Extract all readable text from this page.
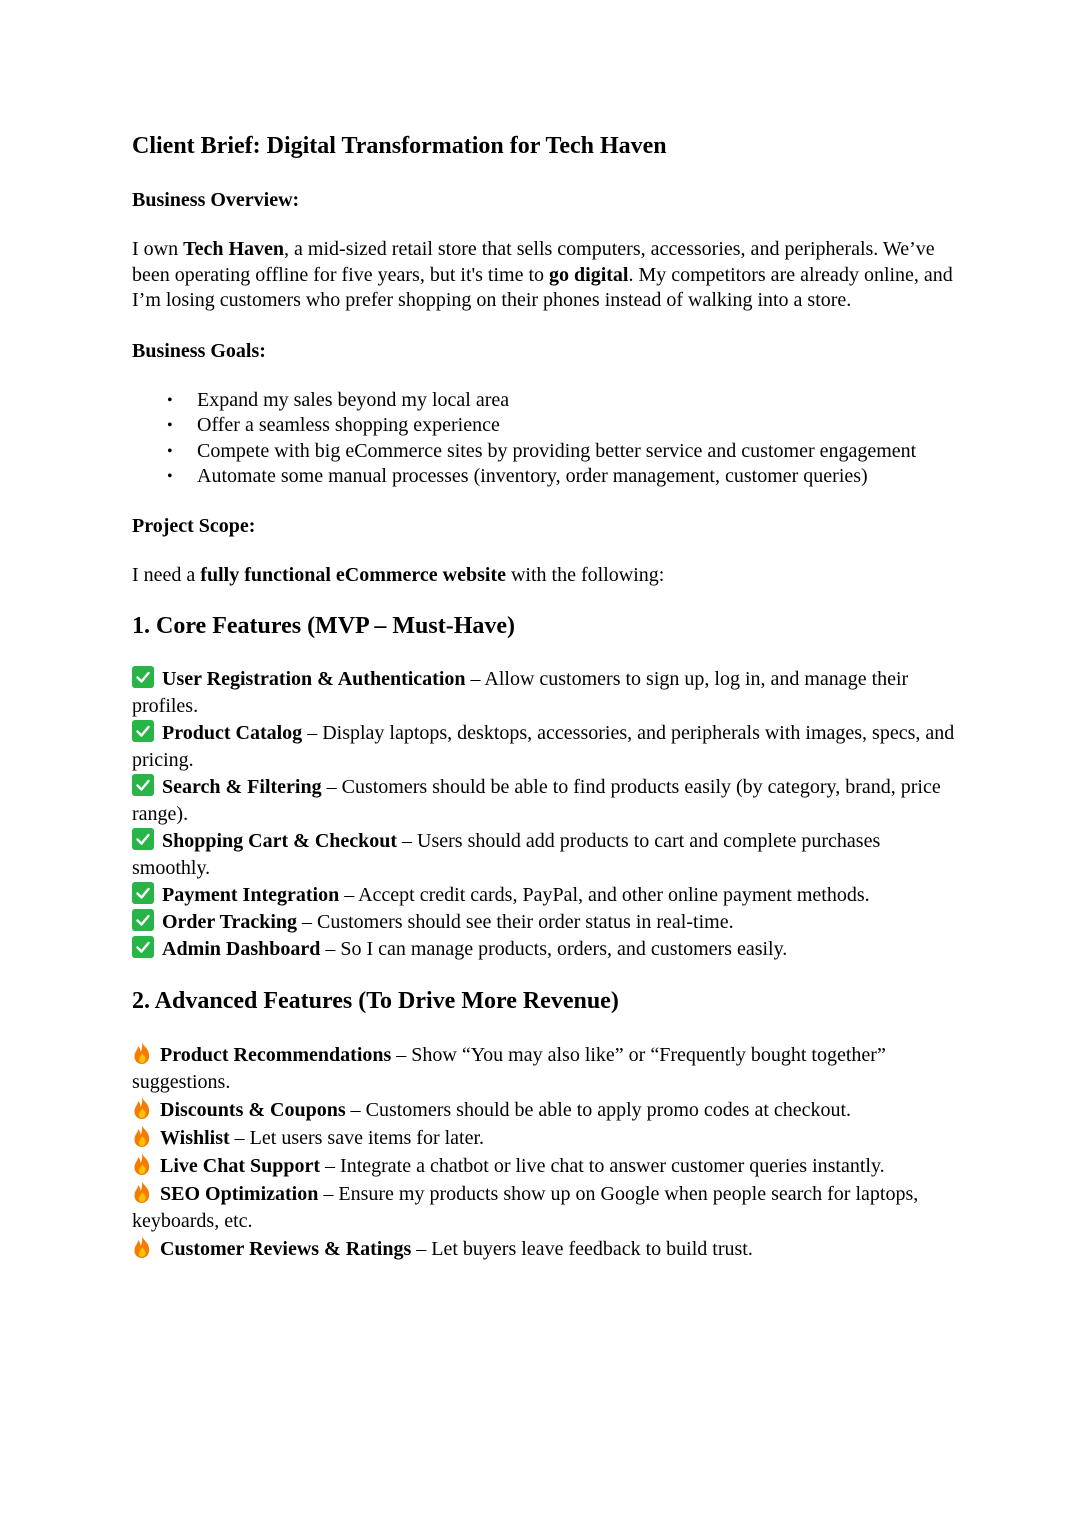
Client Brief: Digital Transformation for Tech Haven

Business Overview:

I own Tech Haven, a mid-sized retail store that sells computers, accessories, and peripherals. We’ve been operating offline for five years, but it's time to go digital. My competitors are already online, and I’m losing customers who prefer shopping on their phones instead of walking into a store.

Business Goals:

• Expand my sales beyond my local area
• Offer a seamless shopping experience
• Compete with big eCommerce sites by providing better service and customer engagement
• Automate some manual processes (inventory, order management, customer queries)

Project Scope:

I need a fully functional eCommerce website with the following:

1. Core Features (MVP – Must-Have)

User Registration & Authentication – Allow customers to sign up, log in, and manage their profiles.

Product Catalog – Display laptops, desktops, accessories, and peripherals with images, specs, and pricing.

Search & Filtering – Customers should be able to find products easily (by category, brand, price range).

Shopping Cart & Checkout – Users should add products to cart and complete purchases smoothly.

Payment Integration – Accept credit cards, PayPal, and other online payment methods.

Order Tracking – Customers should see their order status in real-time.

Admin Dashboard – So I can manage products, orders, and customers easily.

2. Advanced Features (To Drive More Revenue)

Product Recommendations – Show “You may also like” or “Frequently bought together” suggestions.

Discounts & Coupons – Customers should be able to apply promo codes at checkout.

Wishlist – Let users save items for later.

Live Chat Support – Integrate a chatbot or live chat to answer customer queries instantly.

SEO Optimization – Ensure my products show up on Google when people search for laptops, keyboards, etc.

Customer Reviews & Ratings – Let buyers leave feedback to build trust.
